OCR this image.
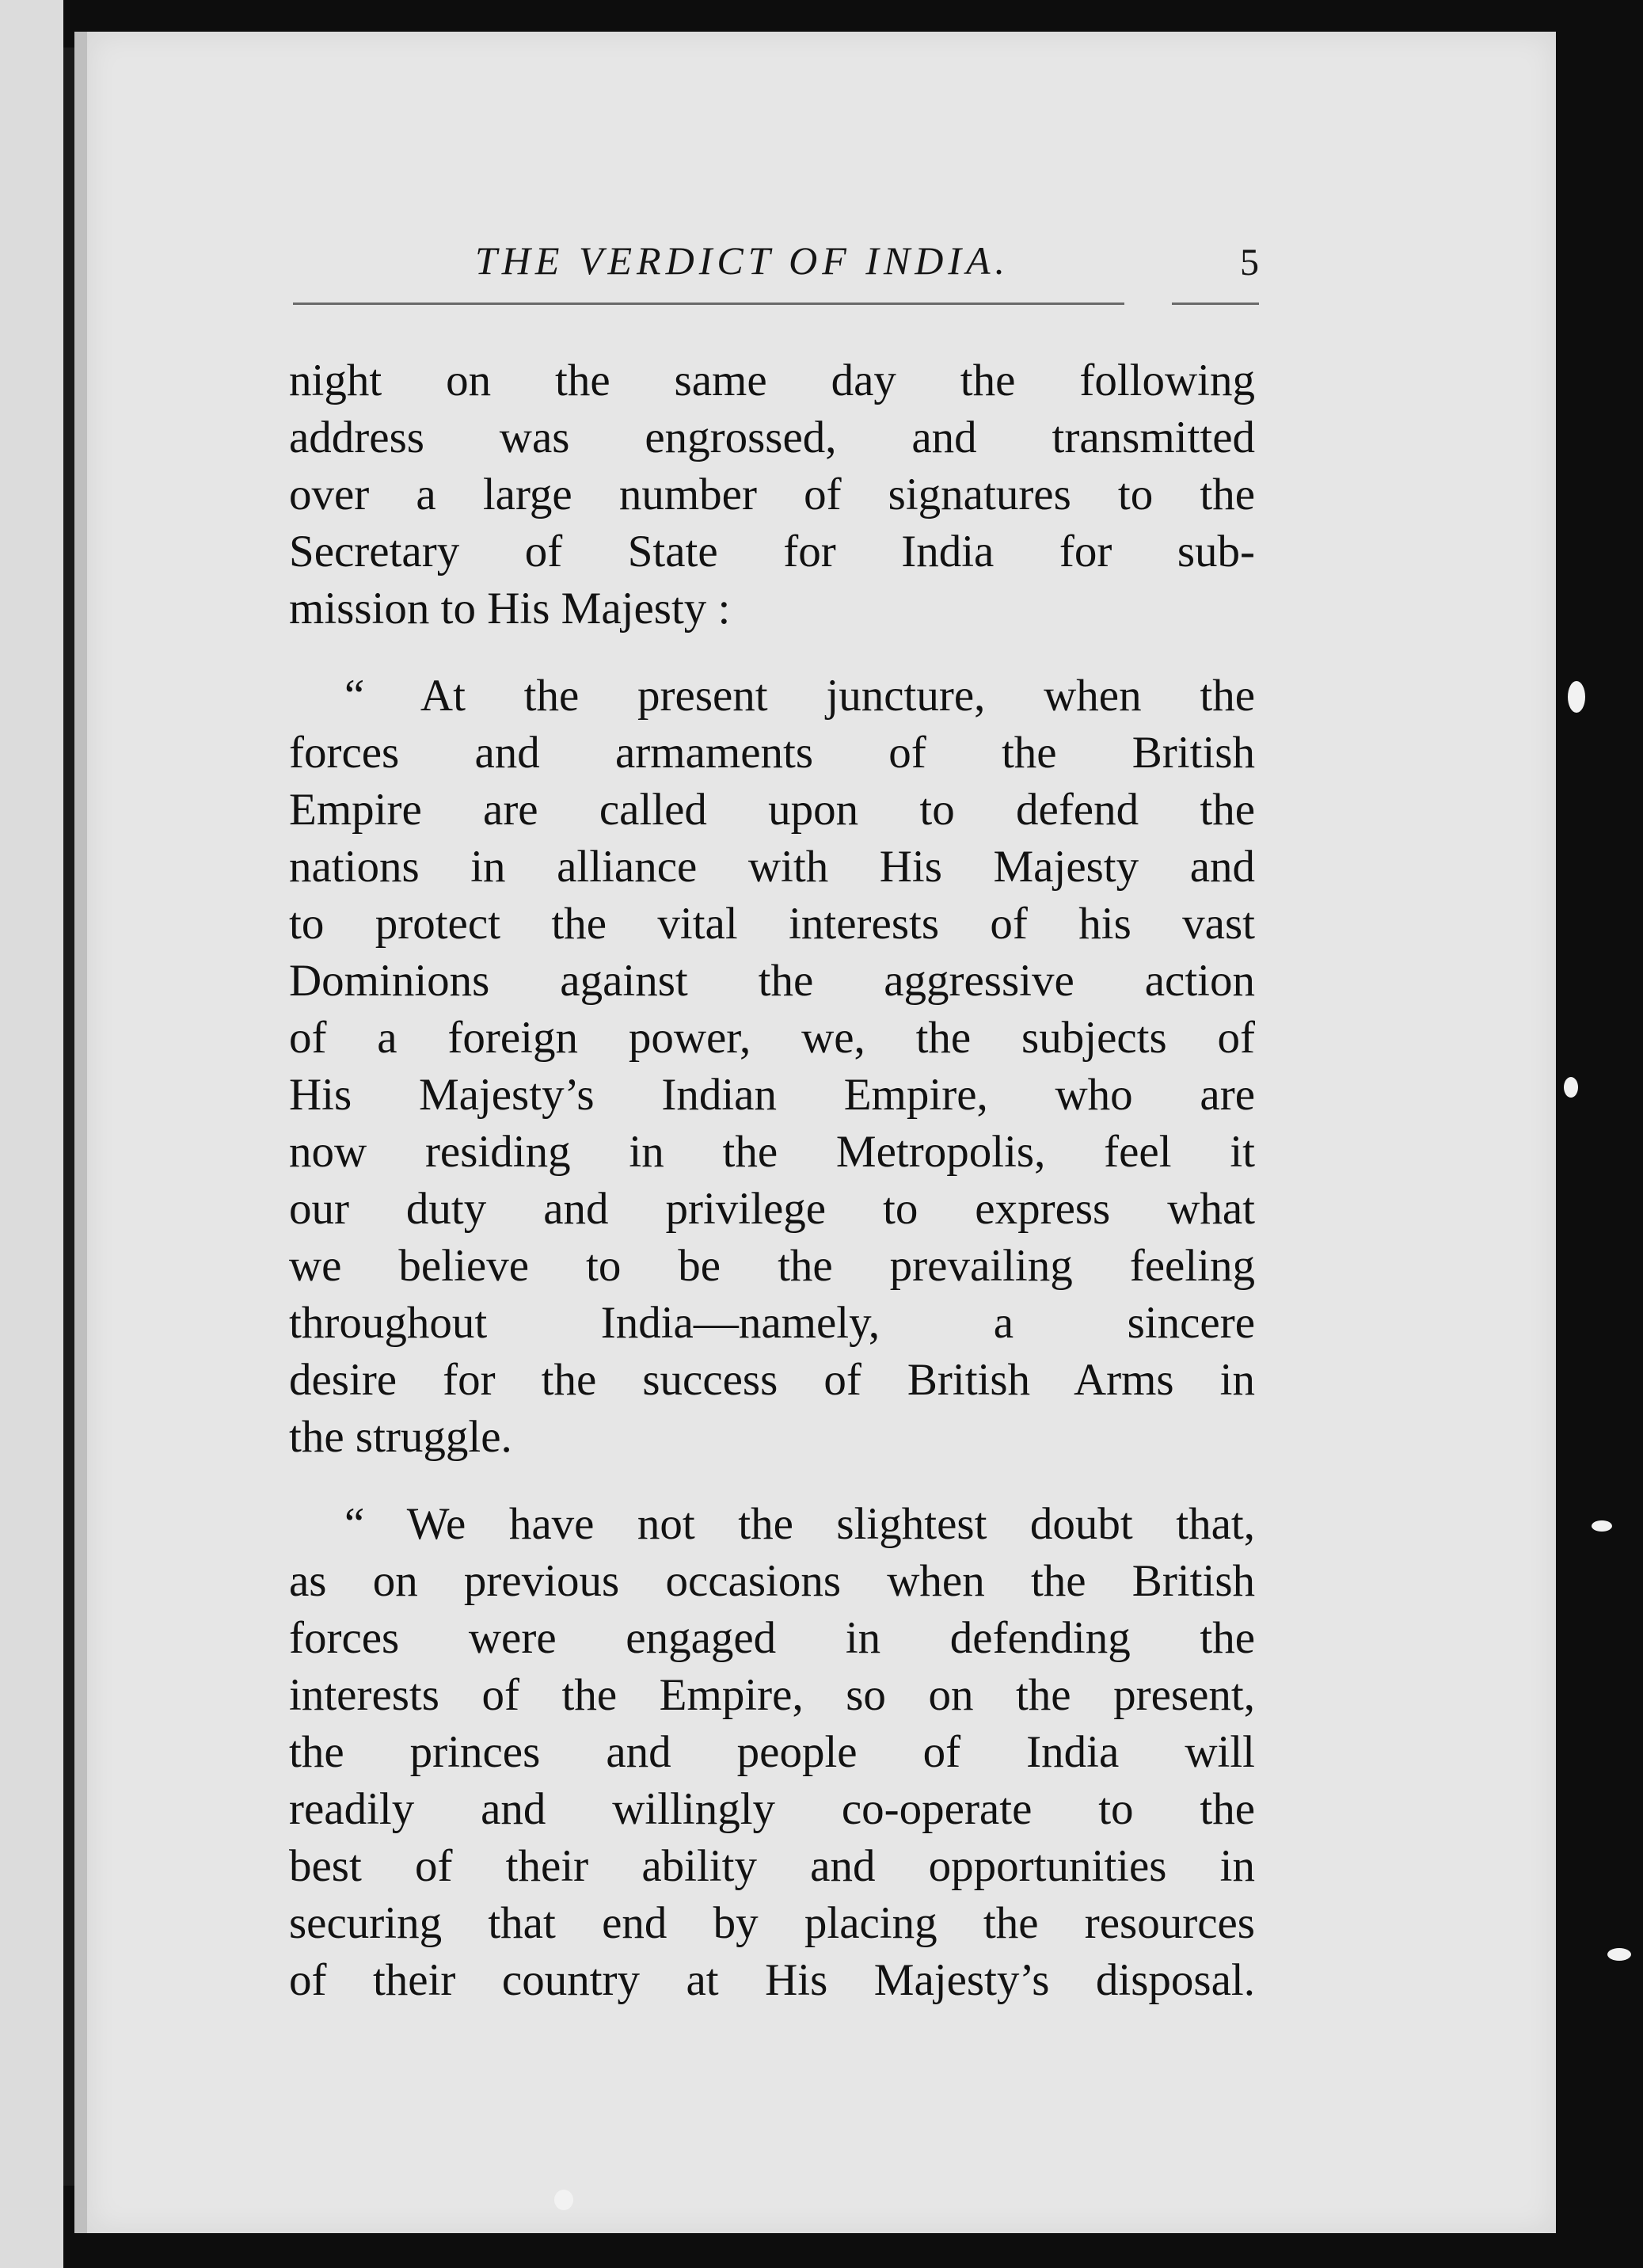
THE VERDICT OF INDIA.	5
night on the same day the following
address was engrossed, and transmitted
over a large number of signatures to the
Secretary of State for India for sub-
mission to His Majesty :
“ At the present juncture, when the
forces and armaments of the British
Empire are called upon to defend the
nations in alliance with His Majesty and
to protect the vital interests of his vast
Dominions against the aggressive action
of a foreign power, we, the subjects of
His Majesty’s Indian Empire, who are
now residing in the Metropolis, feel it
our duty and privilege to express what
we believe to be the prevailing feeling
throughout India—namely, a sincere
desire for the success of British Arms in
the struggle.
“ We have not the slightest doubt that,
as on previous occasions when the British
forces were engaged in defending the
interests of the Empire, so on the present,
the princes and people of India will
readily and willingly co-operate to the
best of their ability and opportunities in
securing that end by placing the resources
of their country at His Majesty’s disposal.
